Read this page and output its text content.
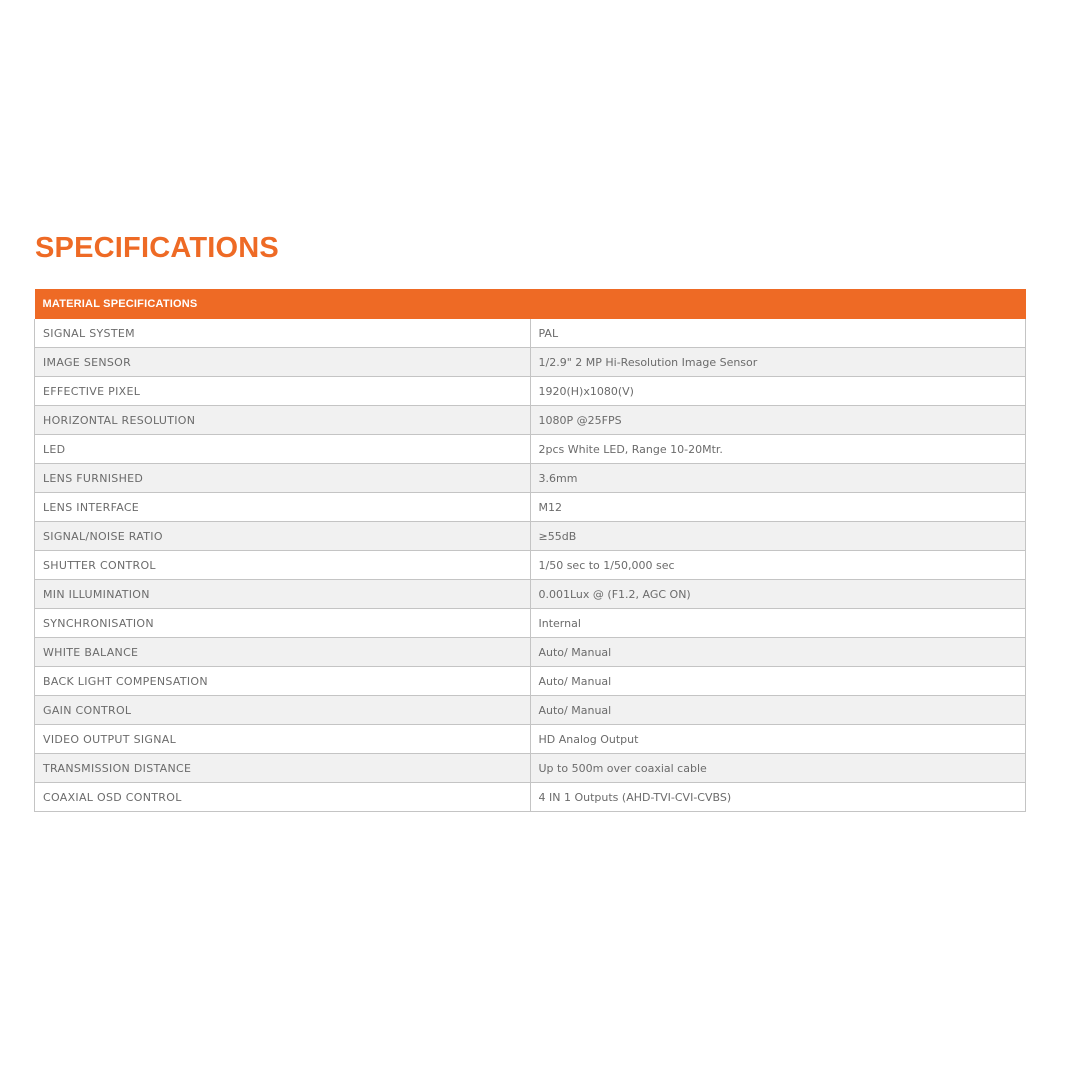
SPECIFICATIONS
MATERIAL SPECIFICATIONS	
SIGNAL SYSTEM	PAL
IMAGE SENSOR	1/2.9" 2 MP Hi-Resolution Image Sensor
EFFECTIVE PIXEL	1920(H)x1080(V)
HORIZONTAL RESOLUTION	1080P @25FPS
LED	2pcs White LED, Range 10-20Mtr.
LENS FURNISHED	3.6mm
LENS INTERFACE	M12
SIGNAL/NOISE RATIO	≥55dB
SHUTTER CONTROL	1/50 sec to 1/50,000 sec
MIN ILLUMINATION	0.001Lux @ (F1.2, AGC ON)
SYNCHRONISATION	Internal
WHITE BALANCE	Auto/ Manual
BACK LIGHT COMPENSATION	Auto/ Manual
GAIN CONTROL	Auto/ Manual
VIDEO OUTPUT SIGNAL	HD Analog Output
TRANSMISSION DISTANCE	Up to 500m over coaxial cable
COAXIAL OSD CONTROL	4 IN 1 Outputs (AHD-TVI-CVI-CVBS)
